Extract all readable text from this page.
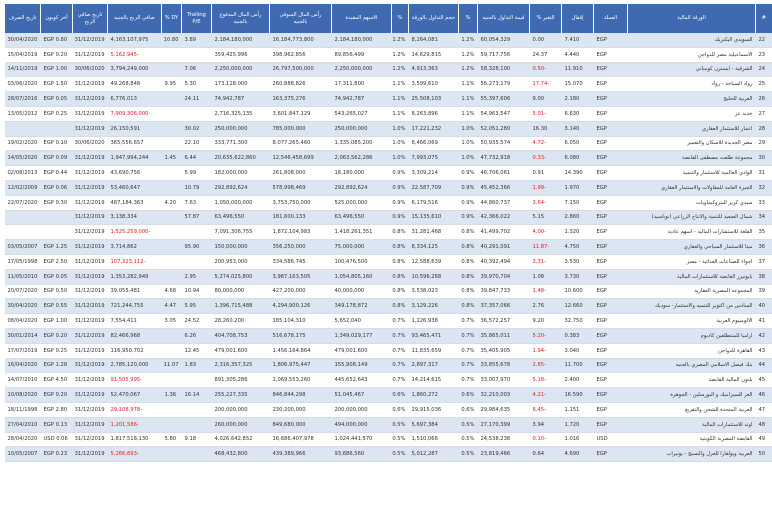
#	الورقة المالية	العملة	إقفال	التغير %	قيمة التداول بالجنيه	%	حجم التداول بالورقة	%	الاسهم المقيدة	رأس المال السوقي بالجنيه	رأس المال المدفوع بالجنيه	Trailing P/E	DY %	صافي الربح بالجنيه	تاريخ صافي الربح	آخر كوبون	تاريخ الصرف
22	السويدي اليكتريك	EGP	7.410	0.00	60,054,329	1.2%	8,264,081	1.2%	2,184,180,000	16,184,773,800	2,184,180,000	3.89	10.80	4,163,107,975	31/12/2019	EGP 0.80	30/04/2020
23	الاسماعيلية مصر للدواجن	EGP	4.440	24.37	59,717,756	1.2%	14,629,815	1.2%	89,856,499	398,962,856	359,425,996			-5,162,945	31/12/2019	EGP 0.20	15/04/2019
24	الشرقية - ايسترن كومباني	EGP	11.910	-0.50	58,328,100	1.2%	4,913,363	1.2%	2,250,000,000	26,797,500,000	2,250,000,000	7.06		3,794,249,000	30/06/2020	EGP 1.00	14/11/2019
25	رواد السياحة - رواد	EGP	15.070	-17.74	56,273,179	1.1%	3,599,610	1.1%	17,311,800	260,888,826	173,118,000	5.30	9.95	49,268,848	31/12/2019	EGP 1.50	03/06/2020
26	العربية للحليج	EGP	2.180	9.00	55,397,606	1.1%	25,508,103	1.1%	74,942,787	163,375,276	74,942,787	24.11		6,776,013	31/12/2019	EGP 0.05	28/07/2016
27	حديد عز	EGP	6.630	-5.01	54,963,547	1.1%	8,263,896	1.1%	543,265,027	3,601,847,129	2,716,325,135			-7,909,306,000	31/12/2019	EGP 0.25	13/05/2012
28	اعمار للاستثمار العقاري	EGP	3.140	16.30	52,051,280	1.0%	17,221,232	1.0%	250,000,000	785,000,000	250,000,000	30.02		26,150,591	31/12/2019		
29	مصر الجديدة للاسكان والتعمير	EGP	6.050	-4.72	50,935,574	1.0%	8,466,069	1.0%	1,335,085,200	8,077,265,460	333,771,300	22.10		365,556,657	30/06/2020	EGP 0.10	19/02/2020
30	مجموعة طلعت مصطفى القابضة	EGP	6.080	-0.33	47,732,918	1.0%	7,993,075	1.0%	2,063,562,286	12,546,458,699	20,635,622,860	6.44	1.45	1,947,994,244	31/12/2019	EGP 0.09	14/05/2020
31	الوادي العالمية للاستثمار والتنمية	EGP	14.390	0.91	46,706,061	0.9%	3,309,214	0.9%	18,180,000	261,808,000	182,000,000	5.99		43,690,756	31/12/2019	EGP 0.44	02/08/2013
32	الجيزة العامة للمقاولات والاستثمار العقاري	EGP	1.970	-1.99	45,452,366	0.9%	22,587,709	0.9%	292,892,624	578,998,469	292,892,624	10.79		53,460,647	31/12/2019	EGP 0.06	12/02/2009
33	سيدي كرير للبتروكيماويات	EGP	7.150	-3.64	44,860,737	0.9%	6,179,516	0.9%	525,000,000	3,753,750,000	1,050,000,000	7.63	4.20	487,184,363	31/12/2019	EGP 0.30	22/07/2020
34	شمال الصعيد للتنمية والانتاج الزراعي (نوباسيد)	EGP	2.860	5.15	42,366,022	0.9%	15,135,610	0.9%	63,496,550	181,600,133	63,496,550	57.87		3,138,334	31/12/2019		
35	القلعة للاستشارات المالية - اسهم عادية	EGP	1.320	-4.00	41,499,702	0.8%	31,281,468	0.8%	1,418,261,351	1,872,104,983	7,091,306,755			-1,525,259,000	31/12/2019		
36	ميثا للاستثمار السياحي والعقاري	EGP	4.750	-11.87	40,291,091	0.8%	8,334,125	0.8%	75,000,000	356,250,000	150,000,000	95.90		3,714,862	31/12/2019	EGP 1.25	03/05/2007
37	اجواء للصناعات الغذائية - مصر	EGP	3.530	-3.31	40,392,494	0.8%	12,588,639	0.8%	100,476,500	334,586,745	200,953,000			-107,323,112	31/12/2019	EGP 2.50	17/05/1998
38	بايونيرز القابضة للاستثمارات المالية	EGP	3.730	1.08	39,970,704	0.8%	10,596,268	0.8%	1,054,805,160	3,987,163,505	5,274,025,800	2.95		1,353,282,949	31/12/2019	EGP 0.05	11/05/2010
39	المجموعه المصرية العقارية	EGP	10.600	-1.48	39,847,733	0.8%	3,538,023	0.8%	40,000,000	427,200,000	80,000,000	10.94	4.68	39,055,481	31/12/2019	EGP 0.50	20/07/2020
40	السادس من اكتوبر للتنميه والاستثمار- سوديك	EGP	12.660	2.76	37,357,066	0.8%	3,129,226	0.8%	349,178,872	4,294,900,126	1,396,715,488	5.95	4.47	721,244,755	31/12/2019	EGP 0.55	30/04/2020
41	الالومنيوم العربية	EGP	32.750	9.20	36,572,257	0.7%	1,226,938	0.7%	5,652,040	185,104,310	28,260,200	24.52	3.05	7,554,411	31/12/2019	EGP 1.00	08/04/2020
42	اراميا للمنتظلفين كاديوم	EGP	0.383	-5.20	35,865,011	0.7%	93,465,471	0.7%	1,349,029,177	516,678,175	404,708,753	6.26		82,466,968	31/12/2019	EGP 0.20	30/01/2014
43	القاهرة للدواجن	EGP	3.040	-1.94	35,405,905	0.7%	11,835,659	0.7%	479,001,600	1,456,164,864	479,001,600	12.45		116,950,702	31/12/2019	EGP 0.25	17/07/2019
44	بنك فيصل الاسلامي المصري بالجنيه	EGP	11.700	-2.85	33,855,678	0.7%	2,897,317	0.7%	155,908,149	1,806,975,447	2,316,357,325	1.83	11.07	2,785,120,000	31/12/2019	EGP 1.28	16/04/2020
45	بلتون المالية القابضة	EGP	2.400	-5.18	33,007,970	0.7%	14,214,615	0.7%	445,652,643	1,069,553,260	891,305,286			-91,505,995	31/12/2019	EGP 4.50	14/07/2010
46	العز للسيراميك و البورسلين - الجوهرة	EGP	16.590	-4.21	32,210,003	0.6%	1,860,272	0.6%	51,045,467	846,844,298	255,227,335	16.14	1.36	52,470,067	31/12/2019	EGP 0.20	10/08/2020
47	العربية المتحدة للشحن والتفريغ	EGP	1.151	-6.45	29,984,635	0.6%	29,915,036	0.6%	200,000,000	230,200,000	200,000,000			-29,108,978	31/12/2019	EGP 2.80	18/11/1998
48	اوتد للاستثمارات المالية	EGP	1.720	3.94	27,170,399	0.5%	5,697,384	0.5%	494,000,000	849,680,000	260,000,000			-1,201,586	31/12/2019	EGP 0.13	27/04/2010
49	القابضة المصرية الكويتية	USD	1.016	-0.10	24,538,238	0.5%	1,510,066	0.5%	1,024,441,570	16,686,407,978	4,026,642,852	9.18	5.80	1,817,518,130	31/12/2019	USD 0.06	28/04/2020
50	العربية ويولفارا للغزل والنسيج - يونيراب	EGP	4.690	0.64	23,819,466	0.5%	5,012,287	0.5%	93,686,560	439,389,966	468,432,800			-5,266,693	31/12/2019	EGP 0.23	10/05/2007
